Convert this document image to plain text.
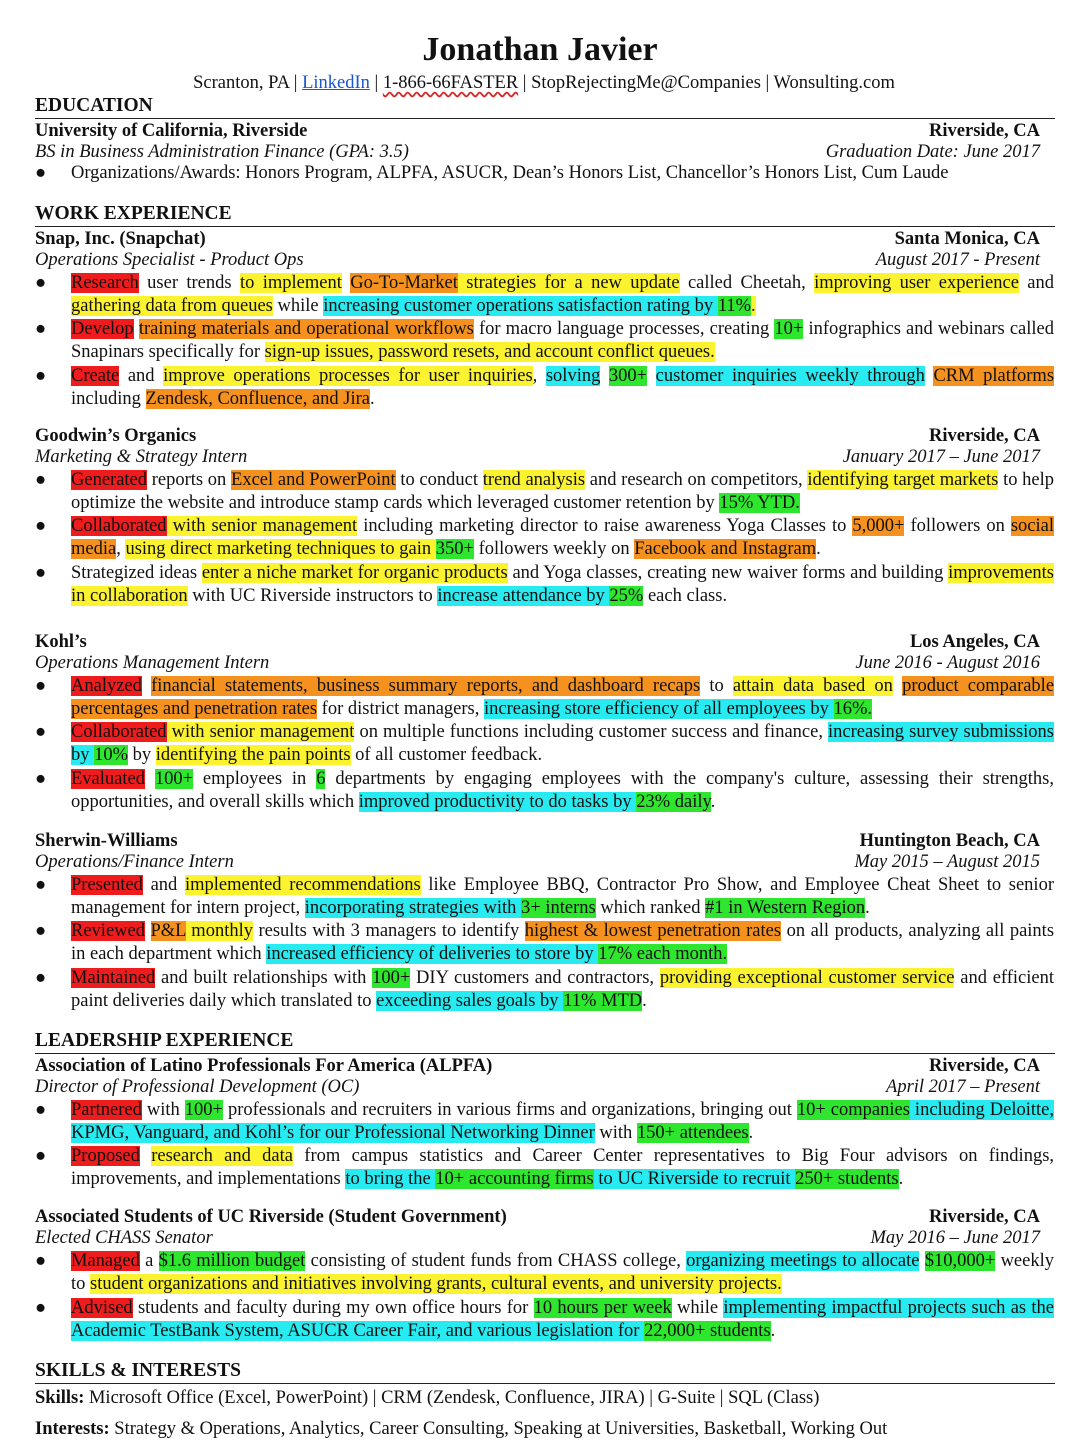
Jonathan Javier
Scranton, PA | LinkedIn | 1-866-66FASTER | StopRejectingMe@Companies | Wonsulting.com
EDUCATION
University of California, Riverside	Riverside, CA
BS in Business Administration Finance (GPA: 3.5)	Graduation Date: June 2017
●	Organizations/Awards: Honors Program, ALPFA, ASUCR, Dean’s Honors List, Chancellor’s Honors List, Cum Laude
WORK EXPERIENCE
Snap, Inc. (Snapchat)	Santa Monica, CA
Operations Specialist - Product Ops	August 2017 - Present
●	Research user trends to implement Go-To-Market strategies for a new update called Cheetah, improving user experience and gathering data from queues while increasing customer operations satisfaction rating by 11%.
●	Develop training materials and operational workflows for macro language processes, creating 10+ infographics and webinars called Snapinars specifically for sign-up issues, password resets, and account conflict queues.
●	Create and improve operations processes for user inquiries, solving 300+ customer inquiries weekly through CRM platforms including Zendesk, Confluence, and Jira.
Goodwin’s Organics	Riverside, CA
Marketing & Strategy Intern	January 2017 – June 2017
●	Generated reports on Excel and PowerPoint to conduct trend analysis and research on competitors, identifying target markets to help optimize the website and introduce stamp cards which leveraged customer retention by 15% YTD.
●	Collaborated with senior management including marketing director to raise awareness Yoga Classes to 5,000+ followers on social media, using direct marketing techniques to gain 350+ followers weekly on Facebook and Instagram.
●	Strategized ideas enter a niche market for organic products and Yoga classes, creating new waiver forms and building improvements in collaboration with UC Riverside instructors to increase attendance by 25% each class.
Kohl’s	Los Angeles, CA
Operations Management Intern	June 2016 - August 2016
●	Analyzed financial statements, business summary reports, and dashboard recaps to attain data based on product comparable percentages and penetration rates for district managers, increasing store efficiency of all employees by 16%.
●	Collaborated with senior management on multiple functions including customer success and finance, increasing survey submissions by 10% by identifying the pain points of all customer feedback.
●	Evaluated 100+ employees in 6 departments by engaging employees with the company's culture, assessing their strengths, opportunities, and overall skills which improved productivity to do tasks by 23% daily.
Sherwin-Williams	Huntington Beach, CA
Operations/Finance Intern	May 2015 – August 2015
●	Presented and implemented recommendations like Employee BBQ, Contractor Pro Show, and Employee Cheat Sheet to senior management for intern project, incorporating strategies with 3+ interns which ranked #1 in Western Region.
●	Reviewed P&L monthly results with 3 managers to identify highest & lowest penetration rates on all products, analyzing all paints in each department which increased efficiency of deliveries to store by 17% each month.
●	Maintained and built relationships with 100+ DIY customers and contractors, providing exceptional customer service and efficient paint deliveries daily which translated to exceeding sales goals by 11% MTD.
LEADERSHIP EXPERIENCE
Association of Latino Professionals For America (ALPFA)	Riverside, CA
Director of Professional Development (OC)	April 2017 – Present
●	Partnered with 100+ professionals and recruiters in various firms and organizations, bringing out 10+ companies including Deloitte, KPMG, Vanguard, and Kohl’s for our Professional Networking Dinner with 150+ attendees.
●	Proposed research and data from campus statistics and Career Center representatives to Big Four advisors on findings, improvements, and implementations to bring the 10+ accounting firms to UC Riverside to recruit 250+ students.
Associated Students of UC Riverside (Student Government)	Riverside, CA
Elected CHASS Senator	May 2016 – June 2017
●	Managed a $1.6 million budget consisting of student funds from CHASS college, organizing meetings to allocate $10,000+ weekly to student organizations and initiatives involving grants, cultural events, and university projects.
●	Advised students and faculty during my own office hours for 10 hours per week while implementing impactful projects such as the Academic TestBank System, ASUCR Career Fair, and various legislation for 22,000+ students.
SKILLS & INTERESTS
Skills: Microsoft Office (Excel, PowerPoint) | CRM (Zendesk, Confluence, JIRA) | G-Suite | SQL (Class)
Interests: Strategy & Operations, Analytics, Career Consulting, Speaking at Universities, Basketball, Working Out
